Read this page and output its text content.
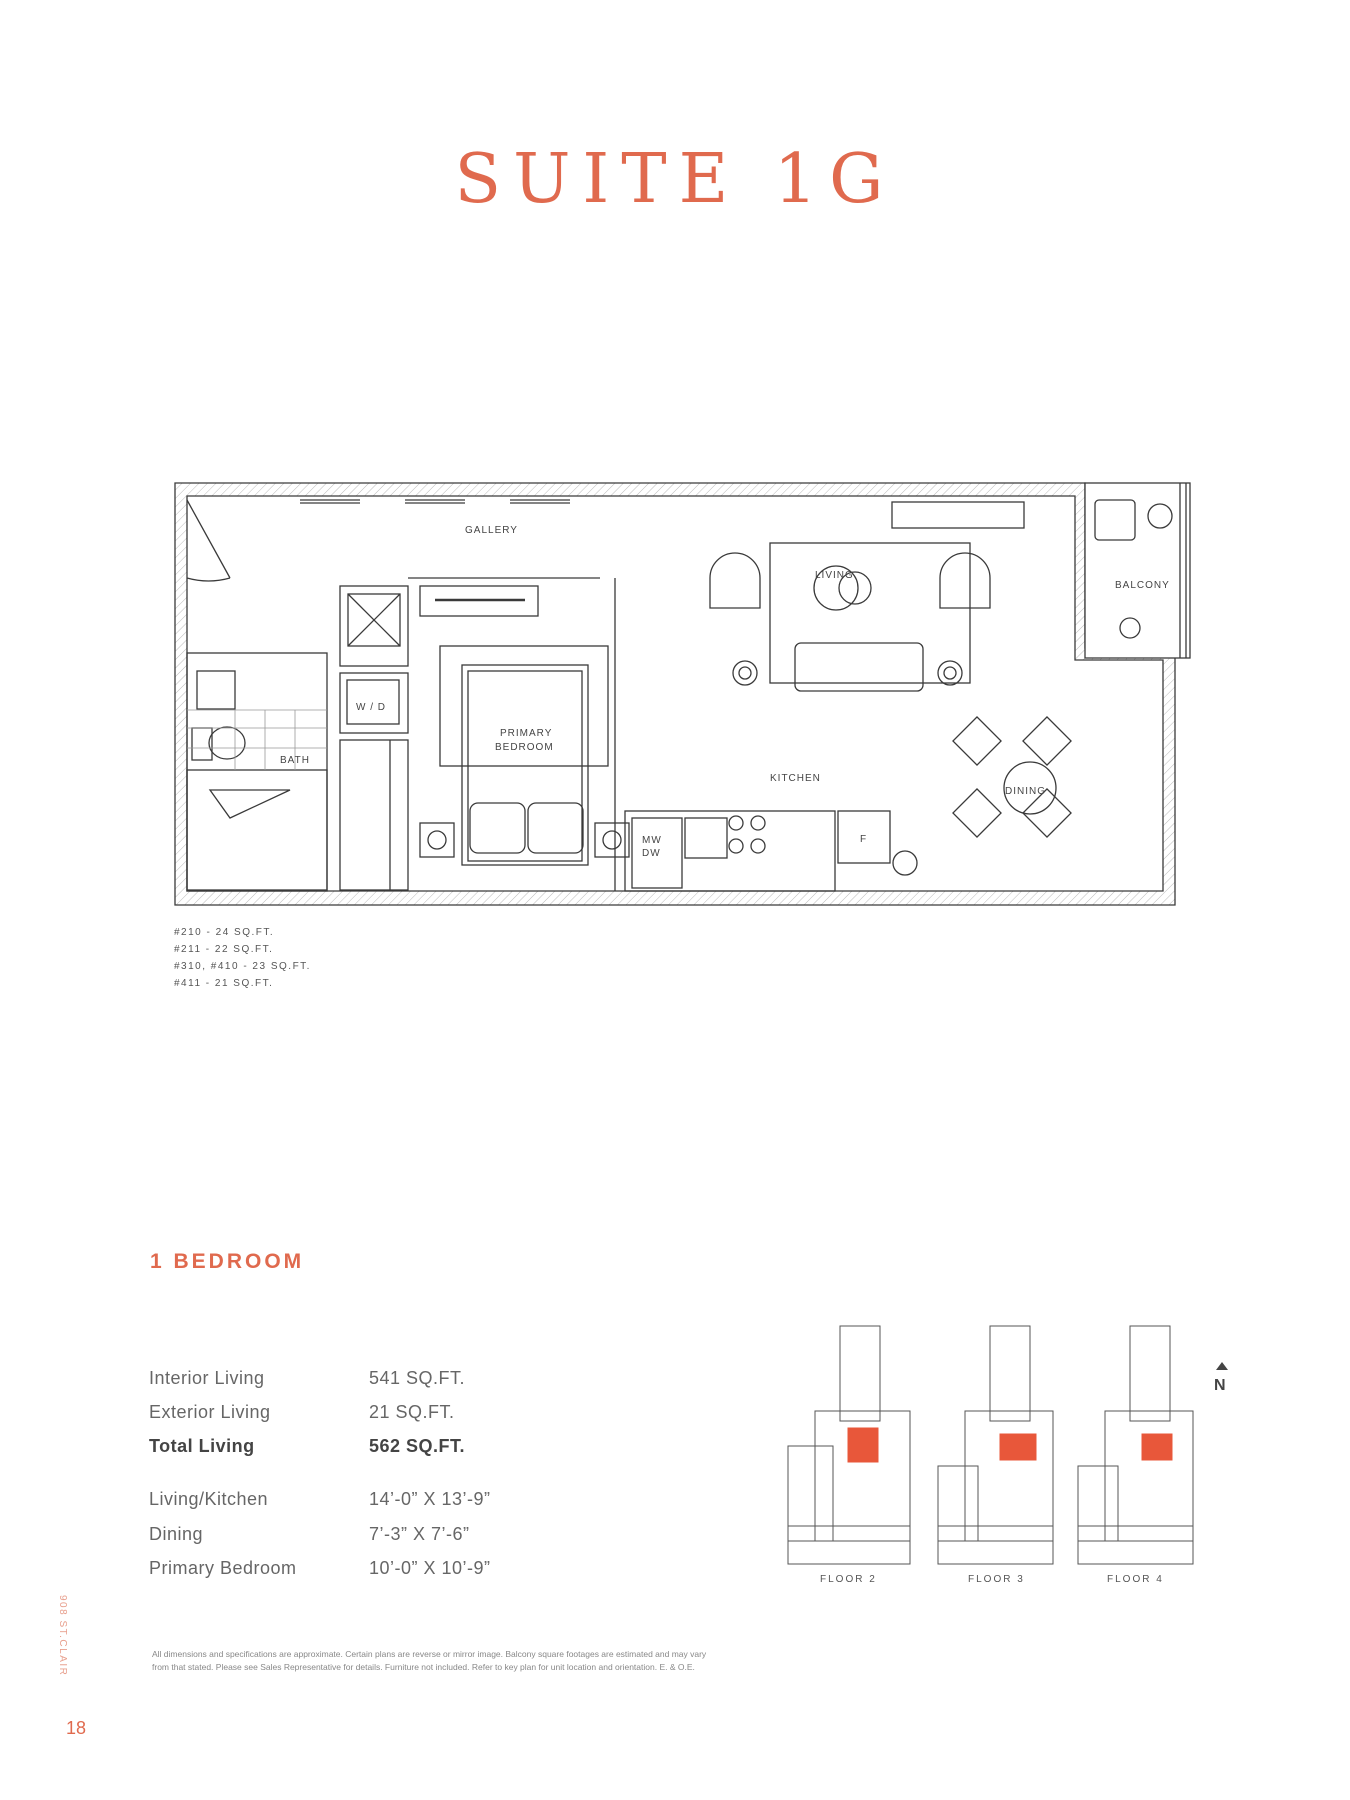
SUITE 1G
GALLERY
LIVING
BALCONY
W / D
BATH
PRIMARY
BEDROOM
KITCHEN
DINING
MW
DW
F
#210 - 24 SQ.FT.
#211 - 22 SQ.FT.
#310, #410 - 23 SQ.FT.
#411 - 21 SQ.FT.
1 BEDROOM
Interior Living	541 SQ.FT.
Exterior Living	21 SQ.FT.
Total Living	562 SQ.FT.
Living/Kitchen	14’-0” X 13’-9”
Dining	7’-3” X 7’-6”
Primary Bedroom	10’-0” X 10’-9”
FLOOR 2	FLOOR 3	FLOOR 4
N
All dimensions and specifications are approximate. Certain plans are reverse or mirror image. Balcony square footages are estimated and may vary
from that stated. Please see Sales Representative for details. Furniture not included. Refer to key plan for unit location and orientation. E. & O.E.
908 ST.CLAIR
18
